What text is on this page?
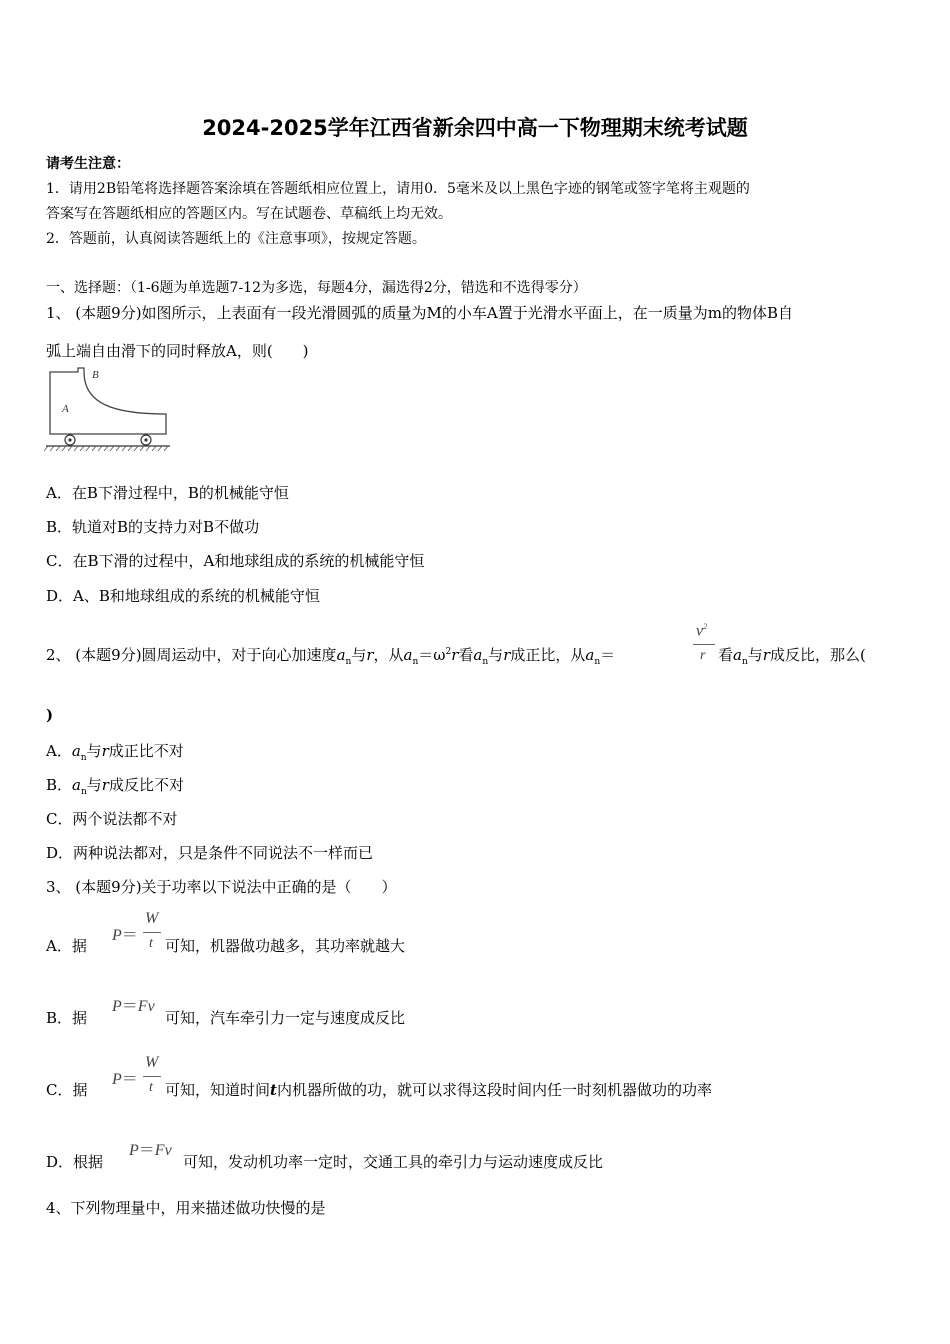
2024-2025学年江西省新余四中高一下物理期末统考试题
请考生注意：
1．请用2B铅笔将选择题答案涂填在答题纸相应位置上，请用0．5毫米及以上黑色字迹的钢笔或签字笔将主观题的
答案写在答题纸相应的答题区内。写在试题卷、草稿纸上均无效。
2．答题前，认真阅读答题纸上的《注意事项》，按规定答题。
一、选择题：（1-6题为单选题7-12为多选，每题4分，漏选得2分，错选和不选得零分）
1、 (本题9分)如图所示，上表面有一段光滑圆弧的质量为M的小车A置于光滑水平面上，在一质量为m的物体B自
弧上端自由滑下的同时释放A，则(　　)
B
A
A．在B下滑过程中，B的机械能守恒
B．轨道对B的支持力对B不做功
C．在B下滑的过程中，A和地球组成的系统的机械能守恒
D．A、B和地球组成的系统的机械能守恒
2、 (本题9分)圆周运动中，对于向心加速度$a_n$与r，从$a_n=\omega^2r$看$a_n$与r成正比，从$a_n=$
$v^2$
r 看$a_n$与r成反比，那么(
)
A．$a_n$与r成正比不对
B．$a_n$与r成反比不对
C．两个说法都不对
D．两种说法都对，只是条件不同说法不一样而已
3、 (本题9分)关于功率以下说法中正确的是（　　）
A．据
P＝
W
t 可知，机器做功越多，其功率就越大
B．据
P＝Fv
可知，汽车牵引力一定与速度成反比
C．据
P＝
W
t 可知，知道时间t内机器所做的功，就可以求得这段时间内任一时刻机器做功的功率
D．根据
P＝Fv
可知，发动机功率一定时，交通工具的牵引力与运动速度成反比
4、下列物理量中，用来描述做功快慢的是
